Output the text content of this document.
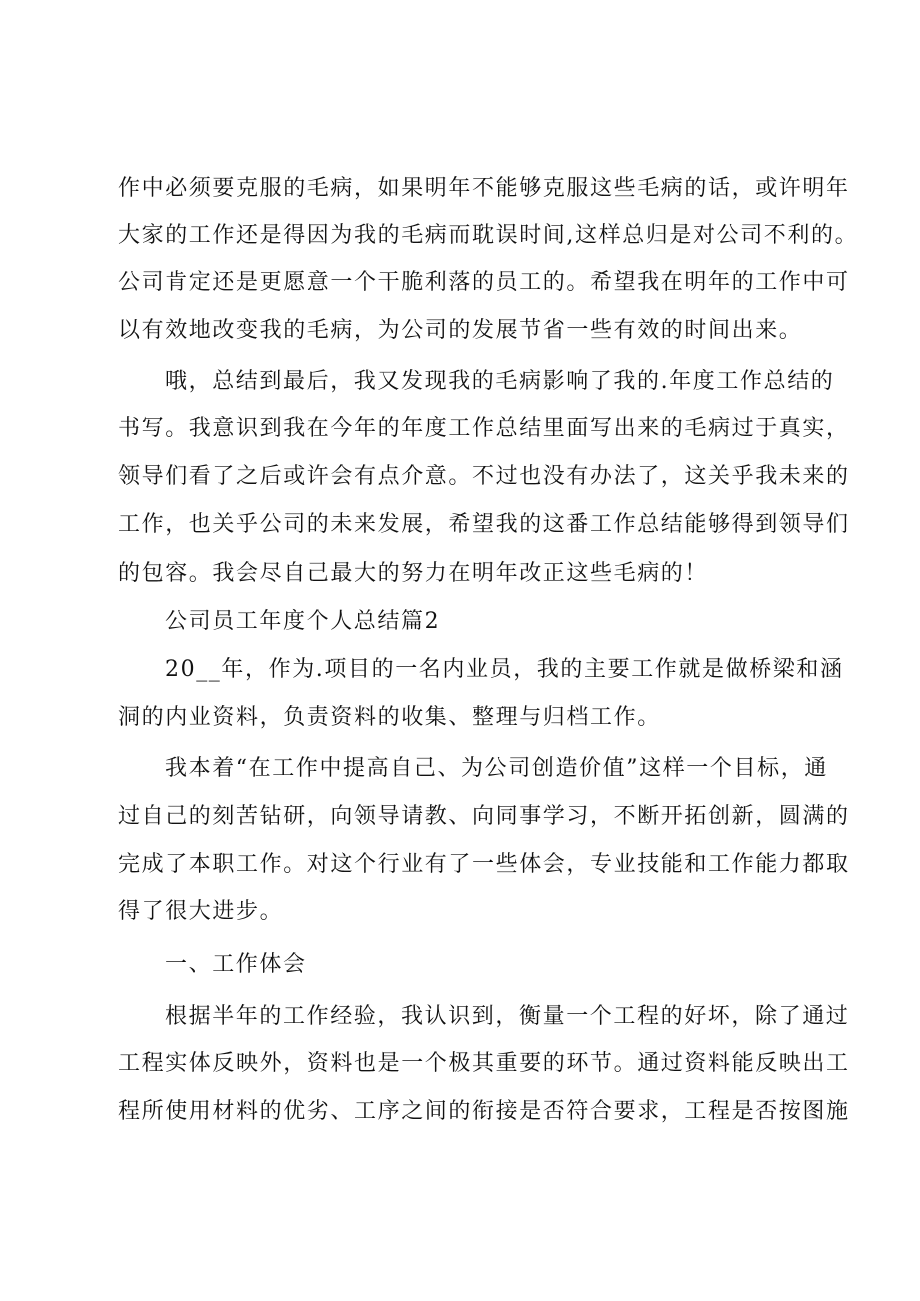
作中必须要克服的毛病，如果明年不能够克服这些毛病的话，或许明年
大家的工作还是得因为我的毛病而耽误时间,这样总归是对公司不利的。
公司肯定还是更愿意一个干脆利落的员工的。希望我在明年的工作中可
以有效地改变我的毛病，为公司的发展节省一些有效的时间出来。
哦，总结到最后，我又发现我的毛病影响了我的.年度工作总结的
书写。我意识到我在今年的年度工作总结里面写出来的毛病过于真实，
领导们看了之后或许会有点介意。不过也没有办法了，这关乎我未来的
工作，也关乎公司的未来发展，希望我的这番工作总结能够得到领导们
的包容。我会尽自己最大的努力在明年改正这些毛病的！
公司员工年度个人总结篇2
20__年，作为.项目的一名内业员，我的主要工作就是做桥梁和涵
洞的内业资料，负责资料的收集、整理与归档工作。
我本着“在工作中提高自己、为公司创造价值”这样一个目标，通
过自己的刻苦钻研，向领导请教、向同事学习，不断开拓创新，圆满的
完成了本职工作。对这个行业有了一些体会，专业技能和工作能力都取
得了很大进步。
一、工作体会
根据半年的工作经验，我认识到，衡量一个工程的好坏，除了通过
工程实体反映外，资料也是一个极其重要的环节。通过资料能反映出工
程所使用材料的优劣、工序之间的衔接是否符合要求，工程是否按图施
